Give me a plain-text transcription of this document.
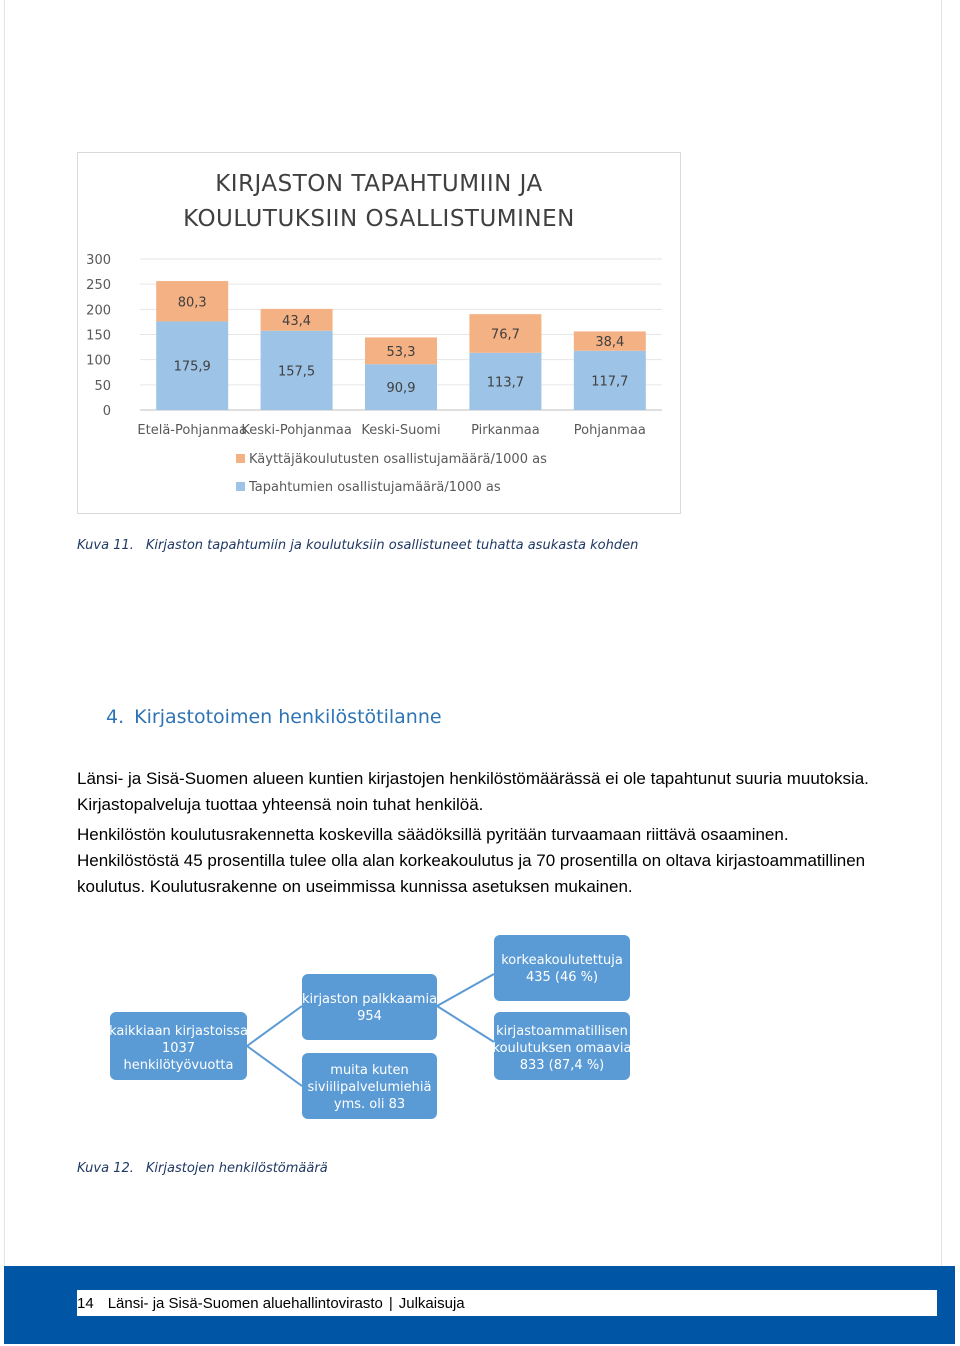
KIRJASTON TAPAHTUMIIN JA
KOULUTUKSIIN OSALLISTUMINEN
0
50
100
150
200
250
300
175,9
80,3
Etelä-Pohjanmaa
157,5
43,4
Keski-Pohjanmaa
90,9
53,3
Keski-Suomi
113,7
76,7
Pirkanmaa
117,7
38,4
Pohjanmaa
Käyttäjäkoulutusten osallistujamäärä/1000 as
Tapahtumien osallistujamäärä/1000 as
Kuva 11. Kirjaston tapahtumiin ja koulutuksiin osallistuneet tuhatta asukasta kohden
4. Kirjastotoimen henkilöstötilanne
Länsi- ja Sisä-Suomen alueen kuntien kirjastojen henkilöstömäärässä ei ole tapahtunut suuria muutoksia. Kirjastopalveluja tuottaa yhteensä noin tuhat henkilöä.
Henkilöstön koulutusrakennetta koskevilla säädöksillä pyritään turvaamaan riittävä osaaminen. Henkilöstöstä 45 prosentilla tulee olla alan korkeakoulutus ja 70 prosentilla on oltava kirjastoammatillinen koulutus. Koulutusrakenne on useimmissa kunnissa asetuksen mukainen.
kaikkiaan kirjastoissa
1037
henkilötyövuotta
kirjaston palkkaamia
954
muita kuten
siviilipalvelumiehiä
yms. oli 83
korkeakoulutettuja
435 (46 %)
kirjastoammatillisen
koulutuksen omaavia
833 (87,4 %)
Kuva 12. Kirjastojen henkilöstömäärä
14 Länsi- ja Sisä-Suomen aluehallintovirasto | Julkaisuja
